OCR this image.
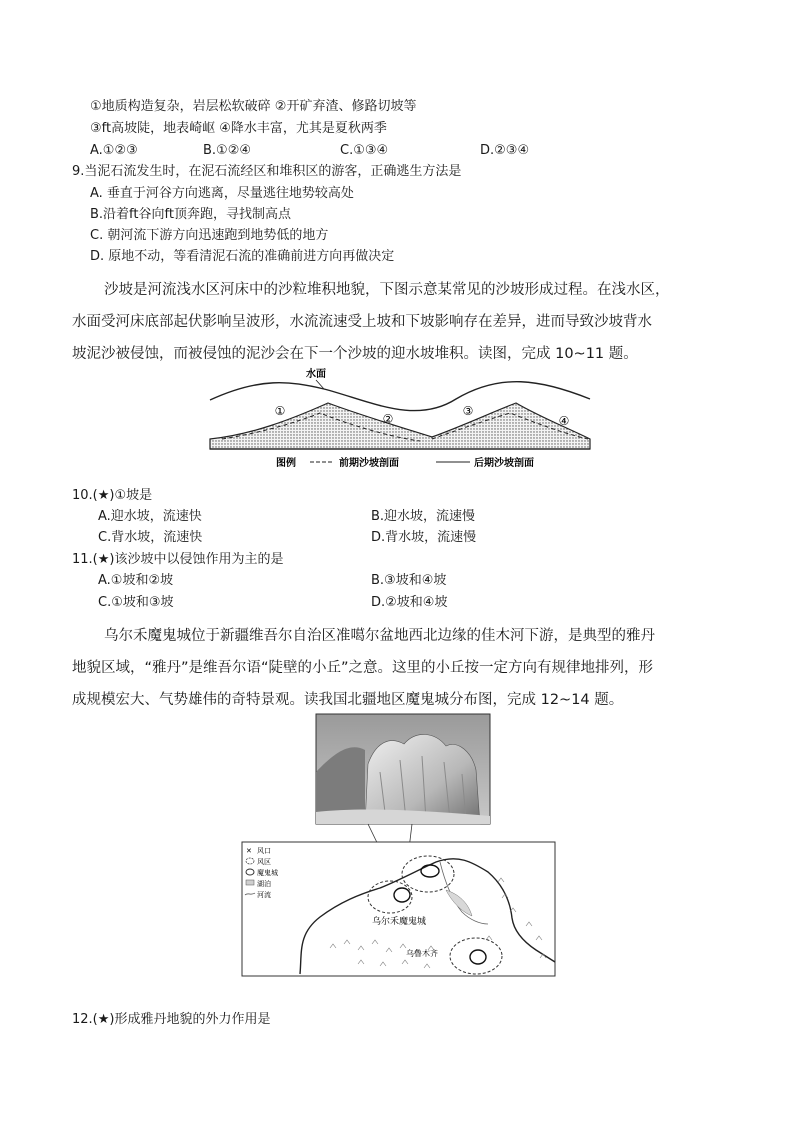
①地质构造复杂，岩层松软破碎 ②开矿弃渣、修路切坡等
③ft高坡陡，地表崎岖 ④降水丰富，尤其是夏秋两季
A.①②③	B.①②④	C.①③④	D.②③④
9.当泥石流发生时，在泥石流经区和堆积区的游客，正确逃生方法是
A. 垂直于河谷方向逃离，尽量逃往地势较高处
B.沿着ft谷向ft顶奔跑，寻找制高点
C. 朝河流下游方向迅速跑到地势低的地方
D. 原地不动，等看清泥石流的准确前进方向再做决定
沙坡是河流浅水区河床中的沙粒堆积地貌，下图示意某常见的沙坡形成过程。在浅水区，
水面受河床底部起伏影响呈波形，水流流速受上坡和下坡影响存在差异，进而导致沙坡背水
坡泥沙被侵蚀，而被侵蚀的泥沙会在下一个沙坡的迎水坡堆积。读图，完成 10~11 题。
水面
①
②
③
④
图例	前期沙坡剖面	后期沙坡剖面
10.(★)①坡是
A.迎水坡，流速快	B.迎水坡，流速慢
C.背水坡，流速快	D.背水坡，流速慢
11.(★)该沙坡中以侵蚀作用为主的是
A.①坡和②坡	B.③坡和④坡
C.①坡和③坡	D.②坡和④坡
乌尔禾魔鬼城位于新疆维吾尔自治区准噶尔盆地西北边缘的佳木河下游，是典型的雅丹
地貌区域，“雅丹”是维吾尔语“陡壁的小丘”之意。这里的小丘按一定方向有规律地排列，形
成规模宏大、气势雄伟的奇特景观。读我国北疆地区魔鬼城分布图，完成 12~14 题。
✕ 风口
风区
魔鬼城
湖泊
河流
乌尔禾魔鬼城
乌鲁木齐
12.(★)形成雅丹地貌的外力作用是
